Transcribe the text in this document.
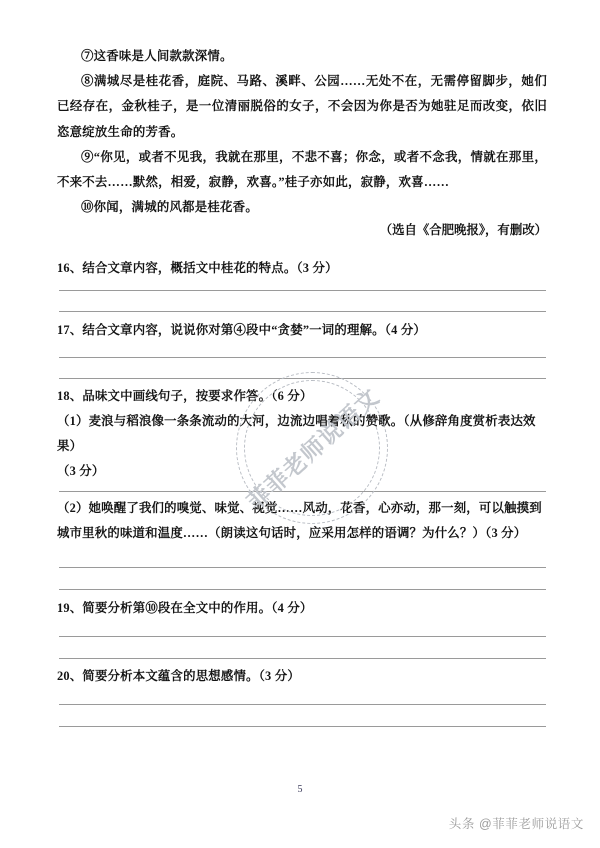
⑦这香味是人间款款深情。

⑧满城尽是桂花香，庭院、马路、溪畔、公园……无处不在，无需停留脚步，她们已经存在，金秋桂子，是一位清丽脱俗的女子，不会因为你是否为她驻足而改变，依旧恣意绽放生命的芳香。

⑨“你见，或者不见我，我就在那里，不悲不喜；你念，或者不念我，情就在那里，不来不去……默然，相爱，寂静，欢喜。”桂子亦如此，寂静，欢喜……

⑩你闻，满城的风都是桂花香。

（选自《合肥晚报》，有删改）

16、结合文章内容，概括文中桂花的特点。（3 分）

17、结合文章内容，说说你对第④段中“贪婪”一词的理解。（4 分）

18、品味文中画线句子，按要求作答。（6 分）

（1）麦浪与稻浪像一条条流动的大河，边流边唱着秋的赞歌。（从修辞角度赏析表达效果）

（3 分）

（2）她唤醒了我们的嗅觉、味觉、视觉……风动，花香，心亦动，那一刻，可以触摸到城市里秋的味道和温度……（朗读这句话时，应采用怎样的语调？为什么？）（3 分）

19、简要分析第⑩段在全文中的作用。（4 分）

20、简要分析本文蕴含的思想感情。（3 分）

菲菲老师说语文
5
头条 @菲菲老师说语文
